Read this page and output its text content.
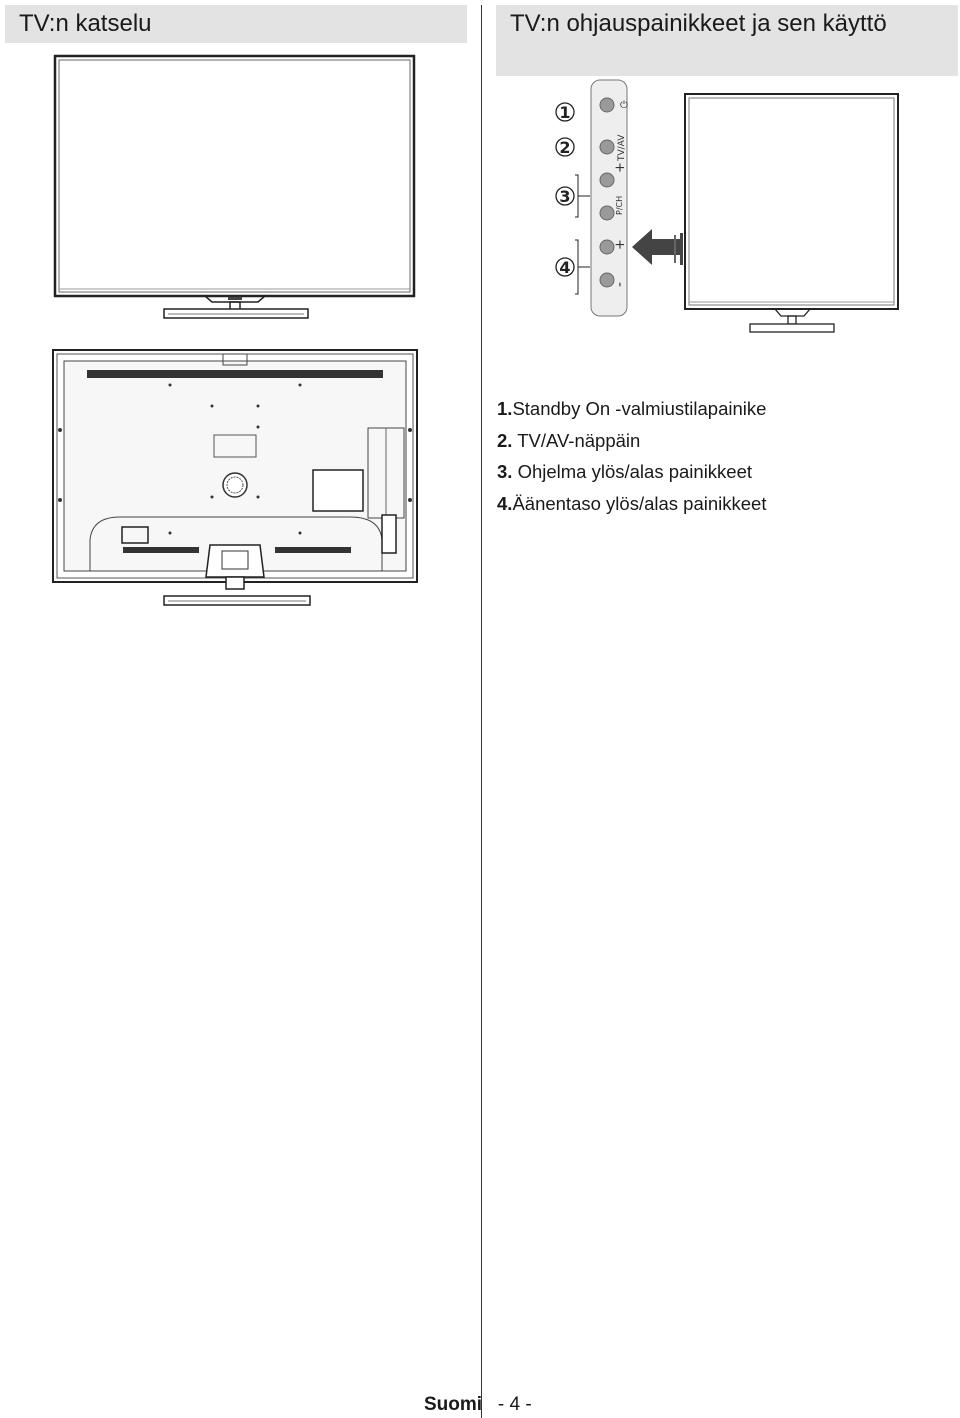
TV:n katselu	TV:n ohjauspainikkeet ja sen käyttö
⏻
TV/AV
+
P/CH
+
-
1
2
3
4
1.Standby On -valmiustilapainike
2. TV/AV-näppäin
3. Ohjelma ylös/alas painikkeet
4.Äänentaso ylös/alas painikkeet
Suomi - 4 -
